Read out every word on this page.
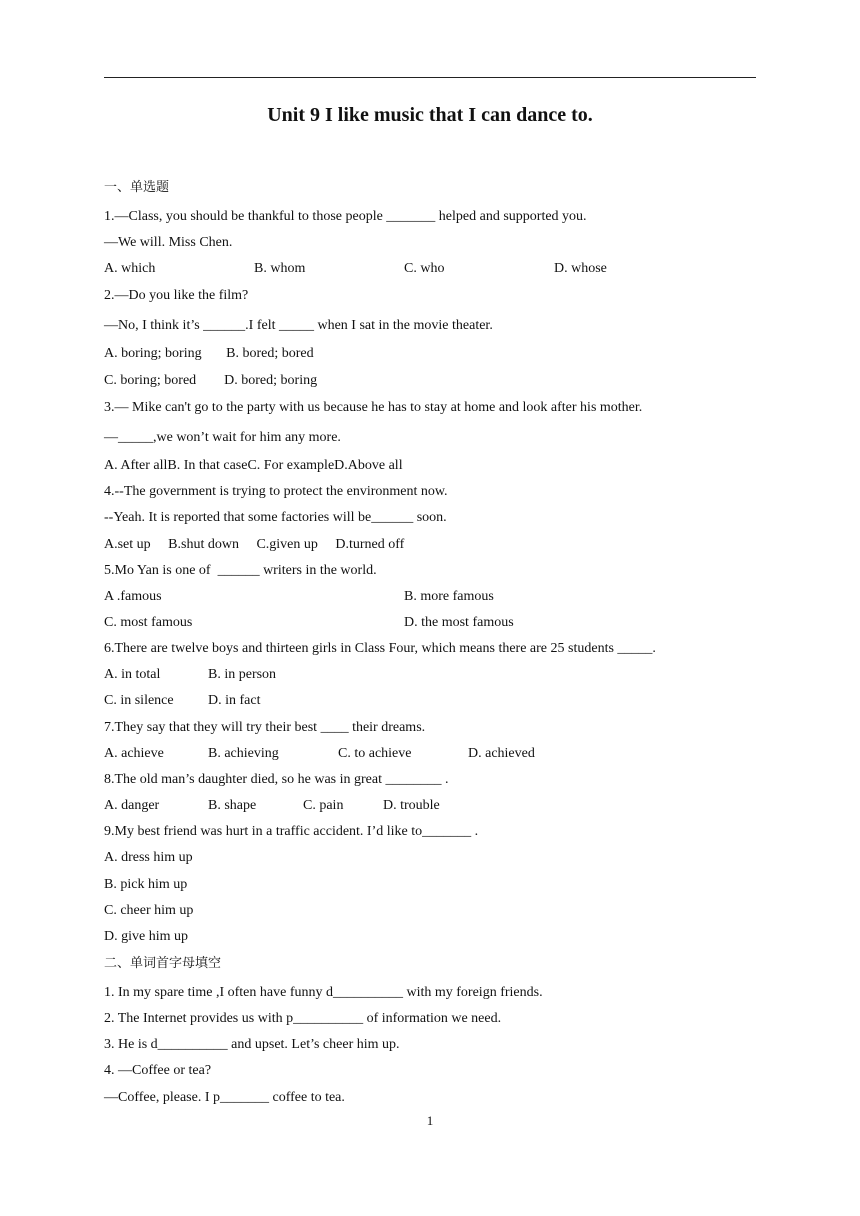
Unit 9 I like music that I can dance to.
一、单选题
1.—Class, you should be thankful to those people _______ helped and supported you.
—We will. Miss Chen.
A. which	B. whom	C. who	D. whose
2.—Do you like the film?
—No, I think it’s ______.I felt _____ when I sat in the movie theater.
A. boring; boring       B. bored; bored
C. boring; bored        D. bored; boring
3.— Mike can't go to the party with us because he has to stay at home and look after his mother.
—_____,we won’t wait for him any more.
A. After allB. In that caseC. For exampleD.Above all
4.--The government is trying to protect the environment now.
--Yeah. It is reported that some factories will be______ soon.
A.set up     B.shut down     C.given up     D.turned off
5.Mo Yan is one of  ______ writers in the world.
A .famous	B. more famous
C. most famous	D. the most famous
6.There are twelve boys and thirteen girls in Class Four, which means there are 25 students _____.
A. in total	B. in person
C. in silence D. in fact
7.They say that they will try their best ____ their dreams.
A. achieve	B. achieving	C. to achieve	D. achieved
8.The old man’s daughter died, so he was in great ________ .
A. danger	B. shape	C. pain	D. trouble
9.My best friend was hurt in a traffic accident. I’d like to_______ .
A. dress him up
B. pick him up
C. cheer him up
D. give him up
二、单词首字母填空
1. In my spare time ,I often have funny d__________ with my foreign friends.
2. The Internet provides us with p__________ of information we need.
3. He is d__________ and upset. Let’s cheer him up.
4. —Coffee or tea?
—Coffee, please. I p_______ coffee to tea.
1
